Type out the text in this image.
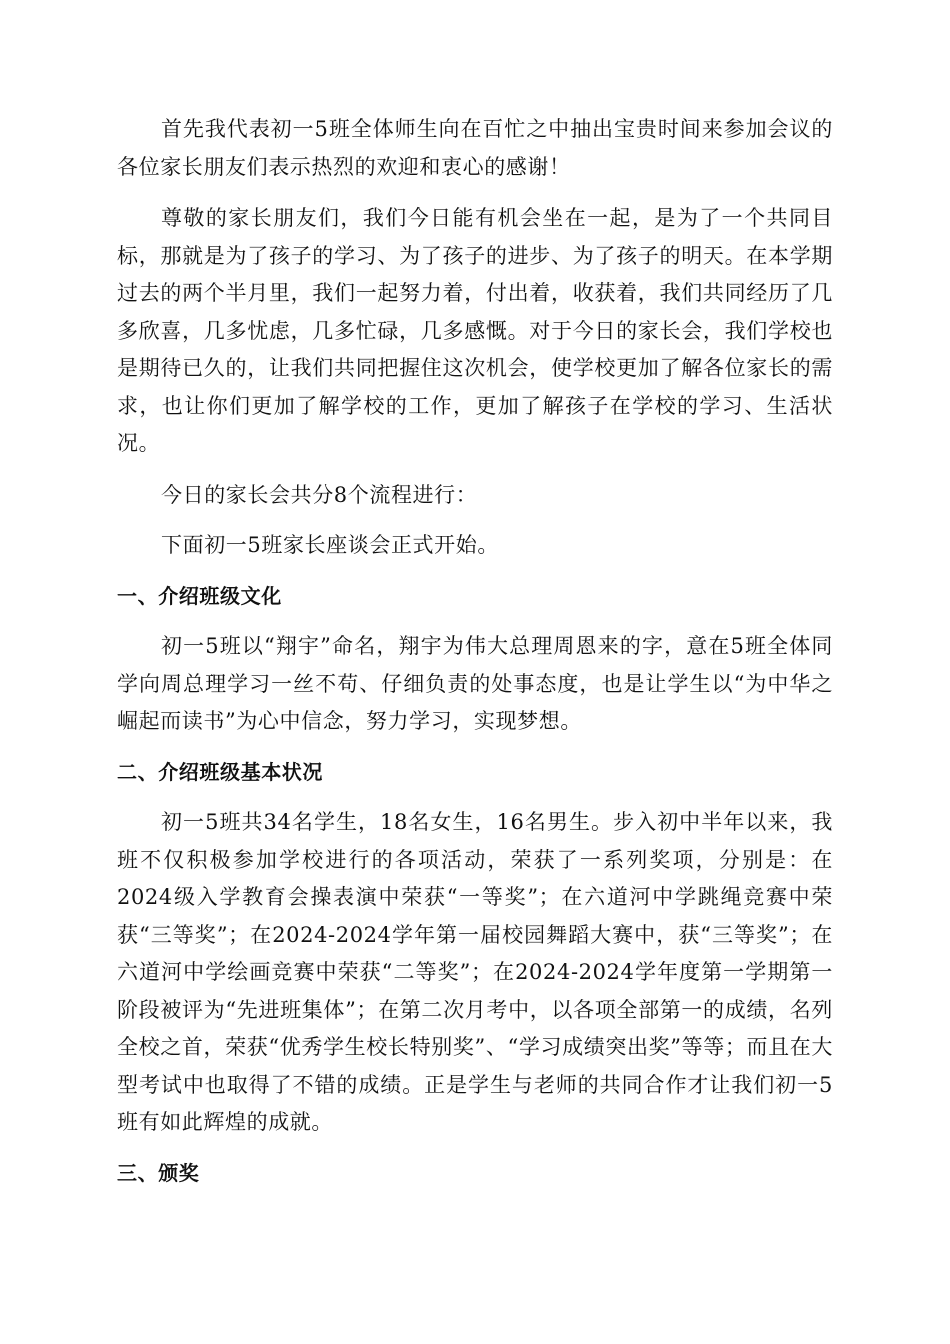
首先我代表初一5班全体师生向在百忙之中抽出宝贵时间来参加会议的各位家长朋友们表示热烈的欢迎和衷心的感谢！

尊敬的家长朋友们，我们今日能有机会坐在一起，是为了一个共同目标，那就是为了孩子的学习、为了孩子的进步、为了孩子的明天。在本学期过去的两个半月里，我们一起努力着，付出着，收获着，我们共同经历了几多欣喜，几多忧虑，几多忙碌，几多感慨。对于今日的家长会，我们学校也是期待已久的，让我们共同把握住这次机会，使学校更加了解各位家长的需求，也让你们更加了解学校的工作，更加了解孩子在学校的学习、生活状况。

今日的家长会共分8个流程进行：

下面初一5班家长座谈会正式开始。

一、介绍班级文化

初一5班以“翔宇”命名，翔宇为伟大总理周恩来的字，意在5班全体同学向周总理学习一丝不苟、仔细负责的处事态度，也是让学生以“为中华之崛起而读书”为心中信念，努力学习，实现梦想。

二、介绍班级基本状况

初一5班共34名学生，18名女生，16名男生。步入初中半年以来，我班不仅积极参加学校进行的各项活动，荣获了一系列奖项，分别是：在2024级入学教育会操表演中荣获“一等奖”；在六道河中学跳绳竞赛中荣获“三等奖”；在2024-2024学年第一届校园舞蹈大赛中，获“三等奖”；在六道河中学绘画竞赛中荣获“二等奖”；在2024-2024学年度第一学期第一阶段被评为“先进班集体”；在第二次月考中，以各项全部第一的成绩，名列全校之首，荣获“优秀学生校长特别奖”、“学习成绩突出奖”等等；而且在大型考试中也取得了不错的成绩。正是学生与老师的共同合作才让我们初一5班有如此辉煌的成就。

三、颁奖
